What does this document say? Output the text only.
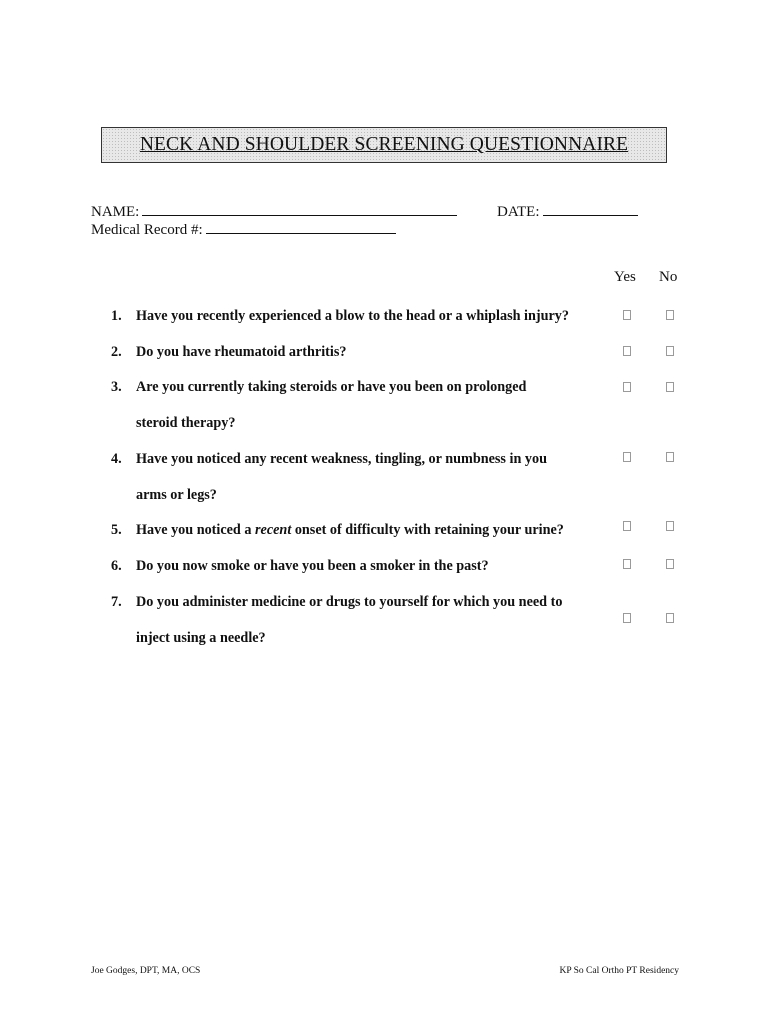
NECK AND SHOULDER SCREENING QUESTIONNAIRE
NAME:	DATE:
Medical Record #:
Yes No
1. Have you recently experienced a blow to the head or a whiplash injury?
2. Do you have rheumatoid arthritis?
3. Are you currently taking steroids or have you been on prolonged
steroid therapy?
4. Have you noticed any recent weakness, tingling, or numbness in you
arms or legs?
5. Have you noticed a recent onset of difficulty with retaining your urine?
6. Do you now smoke or have you been a smoker in the past?
7. Do you administer medicine or drugs to yourself for which you need to
inject using a needle?
Joe Godges, DPT, MA, OCS	KP So Cal Ortho PT Residency
